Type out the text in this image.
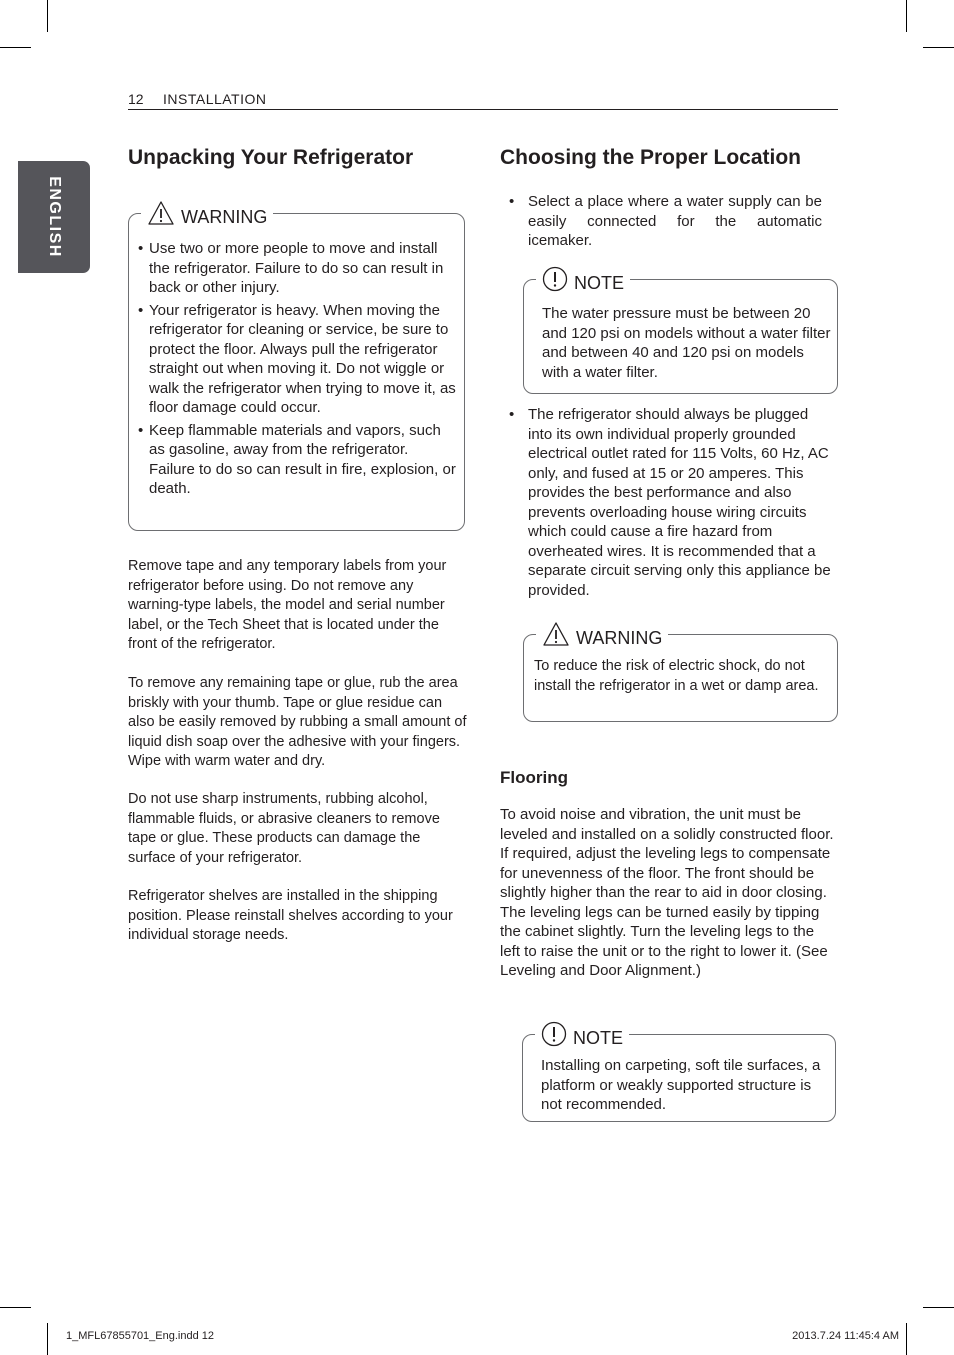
12 INSTALLATION
ENGLISH
Unpacking Your Refrigerator
WARNING
• Use two or more people to move and install the refrigerator. Failure to do so can result in back or other injury.
• Your refrigerator is heavy. When moving the refrigerator for cleaning or service, be sure to protect the floor. Always pull the refrigerator straight out when moving it. Do not wiggle or walk the refrigerator when trying to move it, as floor damage could occur.
• Keep flammable materials and vapors, such as gasoline, away from the refrigerator. Failure to do so can result in fire, explosion, or death.

Remove tape and any temporary labels from your refrigerator before using. Do not remove any warning-type labels, the model and serial number label, or the Tech Sheet that is located under the front of the refrigerator.

To remove any remaining tape or glue, rub the area briskly with your thumb. Tape or glue residue can also be easily removed by rubbing a small amount of liquid dish soap over the adhesive with your fingers. Wipe with warm water and dry.

Do not use sharp instruments, rubbing alcohol, flammable fluids, or abrasive cleaners to remove tape or glue. These products can damage the surface of your refrigerator.

Refrigerator shelves are installed in the shipping position. Please reinstall shelves according to your individual storage needs.

Choosing the Proper Location
• Select a place where a water supply can be easily connected for the automatic icemaker.
NOTE
The water pressure must be between 20 and 120 psi on models without a water filter and between 40 and 120 psi on models with a water filter.
• The refrigerator should always be plugged into its own individual properly grounded electrical outlet rated for 115 Volts, 60 Hz, AC only, and fused at 15 or 20 amperes. This provides the best performance and also prevents overloading house wiring circuits which could cause a fire hazard from overheated wires. It is recommended that a separate circuit serving only this appliance be provided.
WARNING
To reduce the risk of electric shock, do not install the refrigerator in a wet or damp area.
Flooring

To avoid noise and vibration, the unit must be leveled and installed on a solidly constructed floor. If required, adjust the leveling legs to compensate for unevenness of the floor. The front should be slightly higher than the rear to aid in door closing. The leveling legs can be turned easily by tipping the cabinet slightly. Turn the leveling legs to the left to raise the unit or to the right to lower it. (See Leveling and Door Alignment.)

NOTE
Installing on carpeting, soft tile surfaces, a platform or weakly supported structure is not recommended.
1_MFL67855701_Eng.indd 12	2013.7.24 11:45:4 AM
